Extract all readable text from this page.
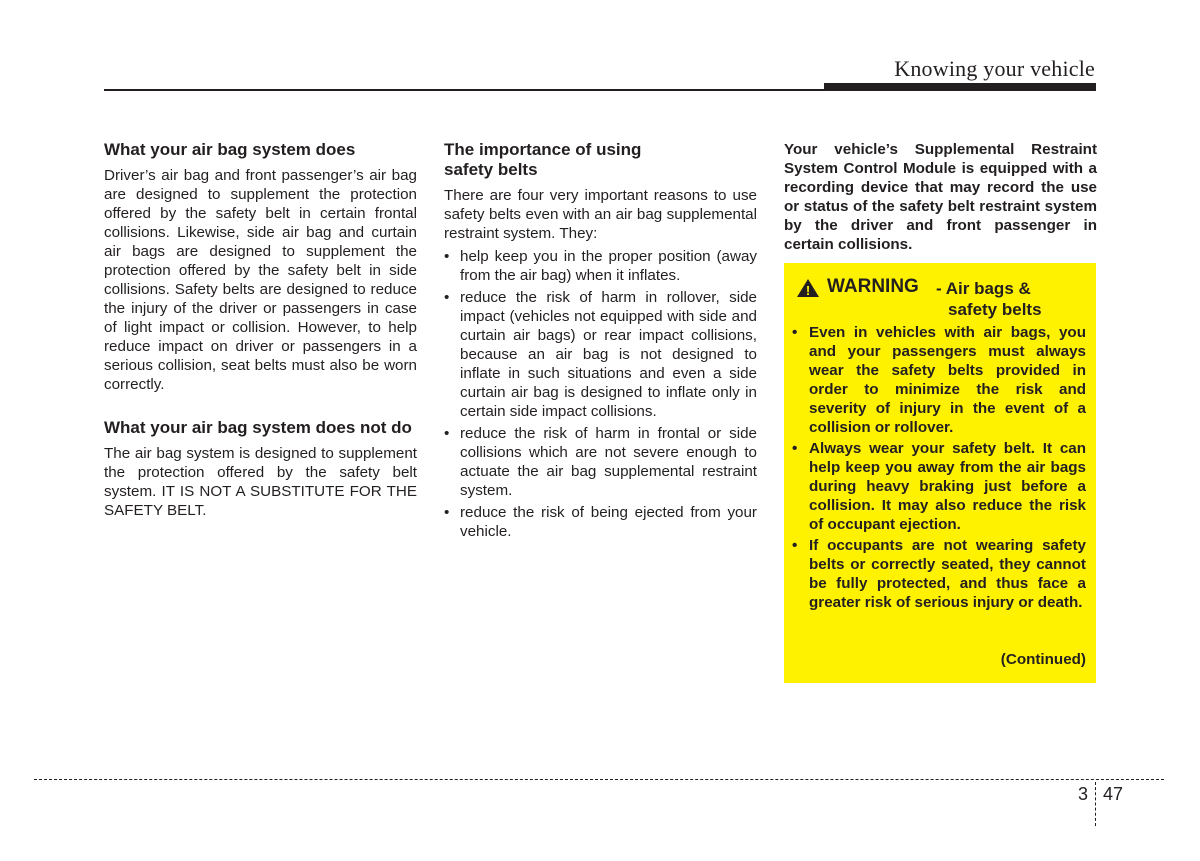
Knowing your vehicle
What your air bag system does

Driver’s air bag and front passenger’s air bag are designed to supplement the protection offered by the safety belt in certain frontal collisions. Likewise, side air bag and curtain air bags are designed to supplement the protection offered by the safety belt in side collisions. Safety belts are designed to reduce the injury of the driver or passengers in case of light impact or collision. However, to help reduce impact on driver or passengers in a serious collision, seat belts must also be worn correctly.

What your air bag system does not do

The air bag system is designed to supplement the protection offered by the safety belt system. IT IS NOT A SUBSTITUTE FOR THE SAFETY BELT.

The importance of using safety belts

There are four very important reasons to use safety belts even with an air bag supplemental restraint system. They:

• help keep you in the proper position (away from the air bag) when it inflates.
• reduce the risk of harm in rollover, side impact (vehicles not equipped with side and curtain air bags) or rear impact collisions, because an air bag is not designed to inflate in such situations and even a side curtain air bag is designed to inflate only in certain side impact collisions.
• reduce the risk of harm in frontal or side collisions which are not severe enough to actuate the air bag supplemental restraint system.
• reduce the risk of being ejected from your vehicle.

Your vehicle’s Supplemental Restraint System Control Module is equipped with a recording device that may record the use or status of the safety belt restraint system by the driver and front passenger in certain collisions.

! WARNING - Air bags &
safety belts
• Even in vehicles with air bags, you and your passengers must always wear the safety belts provided in order to minimize the risk and severity of injury in the event of a collision or rollover.
• Always wear your safety belt. It can help keep you away from the air bags during heavy braking just before a collision. It may also reduce the risk of occupant ejection.
• If occupants are not wearing safety belts or correctly seated, they cannot be fully protected, and thus face a greater risk of serious injury or death.
(Continued)
3 47
